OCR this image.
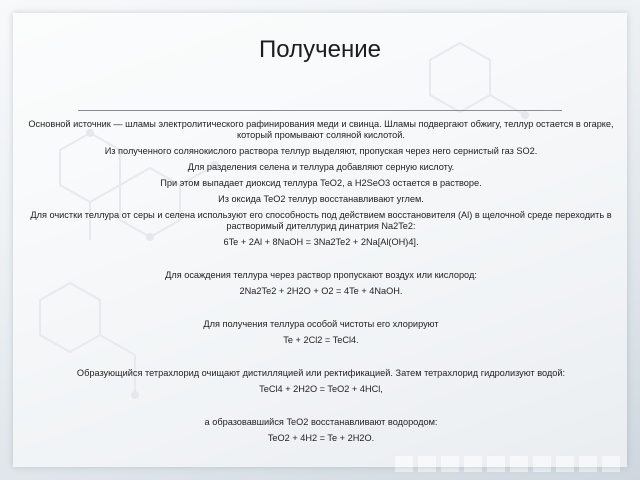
Получение

Основной источник — шламы электролитического рафинирования меди и свинца. Шламы подвергают обжигу, теллур остается в огарке, который промывают соляной кислотой.

Из полученного солянокислого раствора теллур выделяют, пропуская через него сернистый газ SO2.

Для разделения селена и теллура добавляют серную кислоту.

При этом выпадает диоксид теллура TeO2, а H2SeO3 остается в растворе.

Из оксида TeO2 теллур восстанавливают углем.

Для очистки теллура от серы и селена используют его способность под действием восстановителя (Al) в щелочной среде переходить в растворимый дителлурид динатрия Na2Te2:

6Te + 2Al + 8NaOH = 3Na2Te2 + 2Na[Al(OH)4].

Для осаждения теллура через раствор пропускают воздух или кислород:

2Na2Te2 + 2H2O + O2 = 4Te + 4NaOH.

Для получения теллура особой чистоты его хлорируют

Te + 2Cl2 = TeCl4.

Образующийся тетрахлорид очищают дистилляцией или ректификацией. Затем тетрахлорид гидролизуют водой:

TeCl4 + 2H2O = TeO2 + 4HCl,

а образовавшийся TeO2 восстанавливают водородом:

TeO2 + 4H2 = Te + 2H2O.
